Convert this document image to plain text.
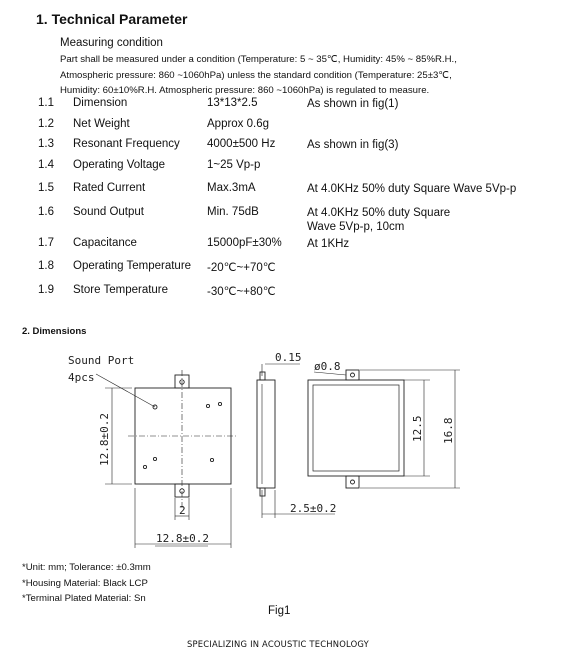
1. Technical Parameter
Measuring condition
Part shall be measured under a condition (Temperature: 5 ~ 35℃, Humidity: 45% ~ 85%R.H.,
Atmospheric pressure: 860 ~1060hPa) unless the standard condition (Temperature: 25±3℃,
Humidity: 60±10%R.H. Atmospheric pressure: 860 ~1060hPa) is regulated to measure.
1.1	Dimension	13*13*2.5	As shown in fig(1)

1.2	Net Weight	Approx 0.6g	

1.3	Resonant Frequency	4000±500 Hz	As shown in fig(3)

1.4	Operating Voltage	1~25 Vp-p	

1.5	Rated Current	Max.3mA	At 4.0KHz 50% duty Square Wave 5Vp-p

1.6	Sound Output	Min. 75dB	At 4.0KHz 50% duty Square
Wave 5Vp-p, 10cm

1.7	Capacitance	15000pF±30%	At 1KHz

1.8	Operating Temperature	-20℃~+70℃	

1.9	Store Temperature	-30℃~+80℃	
2. Dimensions
Sound Port
4pcs
12.8±0.2
2
12.8±0.2
0.15
2.5±0.2
ø0.8
12.5 16.8
*Unit: mm; Tolerance: ±0.3mm
*Housing Material: Black LCP
*Terminal Plated Material: Sn
Fig1
SPECIALIZING IN ACOUSTIC TECHNOLOGY
